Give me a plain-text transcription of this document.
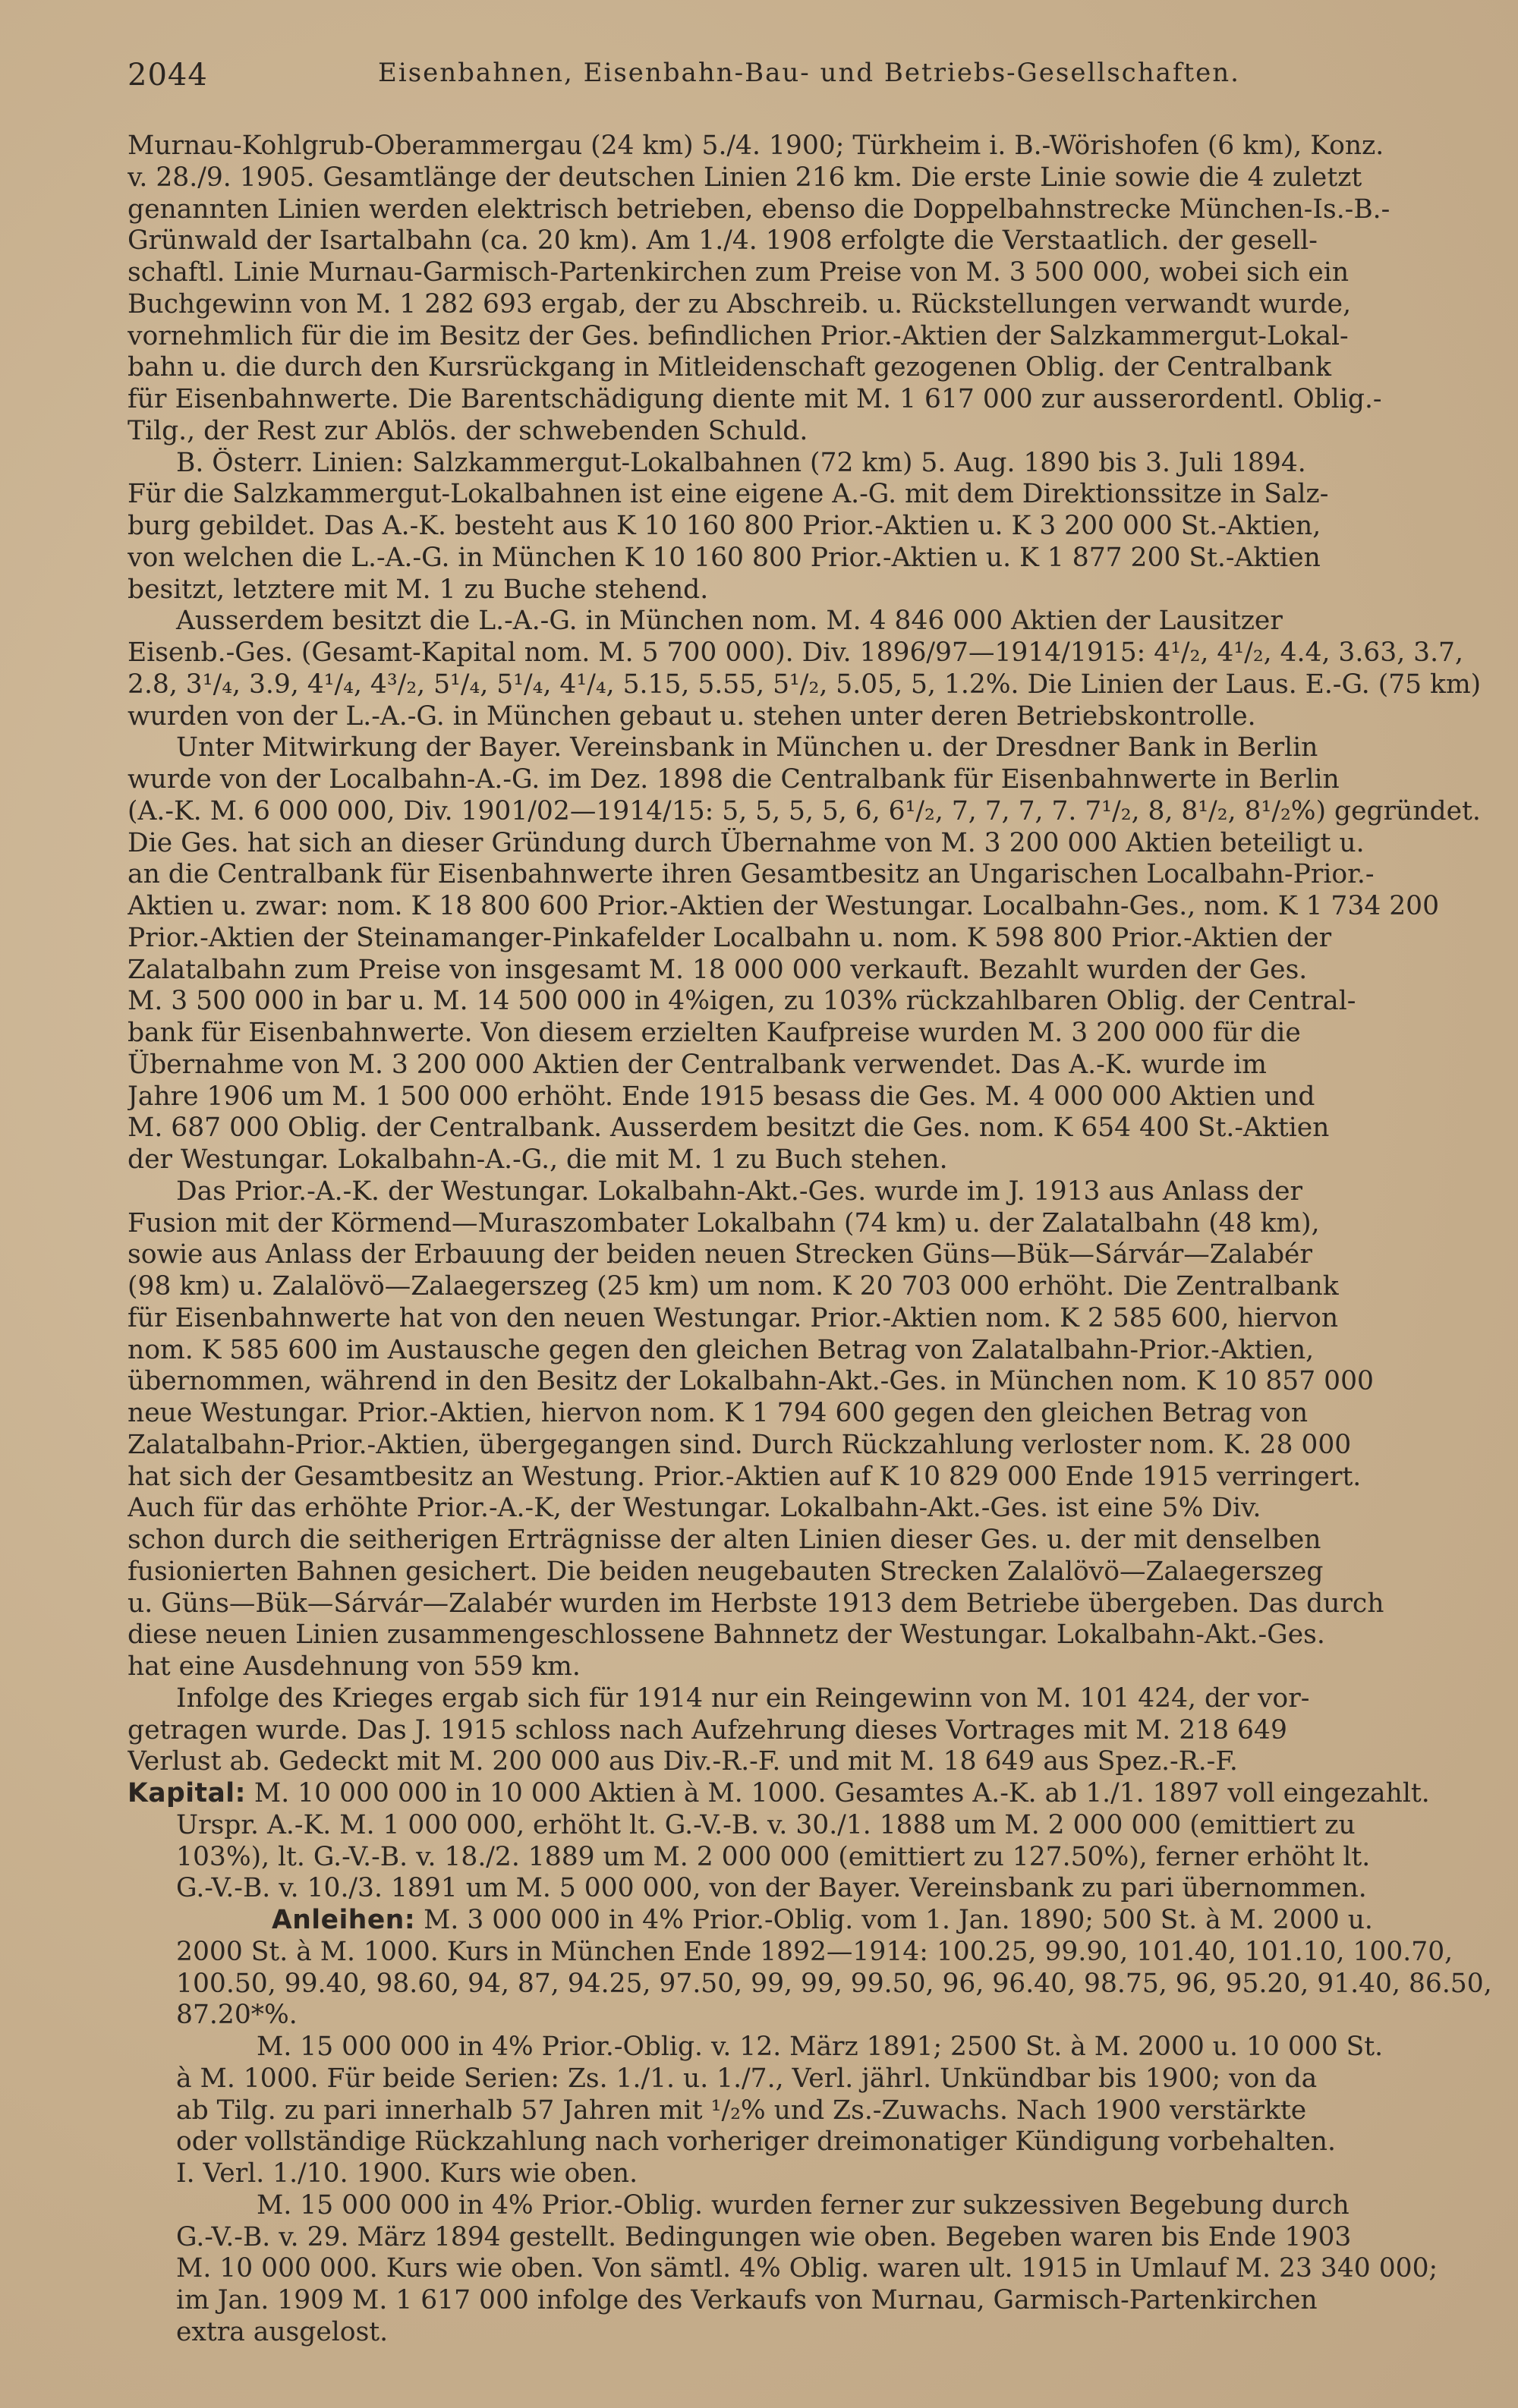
2044	Eisenbahnen, Eisenbahn-Bau- und Betriebs-Gesellschaften.
Murnau-Kohlgrub-Oberammergau (24 km) 5./4. 1900; Türkheim i. B.-Wörishofen (6 km), Konz.
v. 28./9. 1905. Gesamtlänge der deutschen Linien 216 km. Die erste Linie sowie die 4 zuletzt
genannten Linien werden elektrisch betrieben, ebenso die Doppelbahnstrecke München-Is.-B.-
Grünwald der Isartalbahn (ca. 20 km). Am 1./4. 1908 erfolgte die Verstaatlich. der gesell-
schaftl. Linie Murnau-Garmisch-Partenkirchen zum Preise von M. 3 500 000, wobei sich ein
Buchgewinn von M. 1 282 693 ergab, der zu Abschreib. u. Rückstellungen verwandt wurde,
vornehmlich für die im Besitz der Ges. befindlichen Prior.-Aktien der Salzkammergut-Lokal-
bahn u. die durch den Kursrückgang in Mitleidenschaft gezogenen Oblig. der Centralbank
für Eisenbahnwerte. Die Barentschädigung diente mit M. 1 617 000 zur ausserordentl. Oblig.-
Tilg., der Rest zur Ablös. der schwebenden Schuld.
B. Österr. Linien: Salzkammergut-Lokalbahnen (72 km) 5. Aug. 1890 bis 3. Juli 1894.
Für die Salzkammergut-Lokalbahnen ist eine eigene A.-G. mit dem Direktionssitze in Salz-
burg gebildet. Das A.-K. besteht aus K 10 160 800 Prior.-Aktien u. K 3 200 000 St.-Aktien,
von welchen die L.-A.-G. in München K 10 160 800 Prior.-Aktien u. K 1 877 200 St.-Aktien
besitzt, letztere mit M. 1 zu Buche stehend.
Ausserdem besitzt die L.-A.-G. in München nom. M. 4 846 000 Aktien der Lausitzer
Eisenb.-Ges. (Gesamt-Kapital nom. M. 5 700 000). Div. 1896/97—1914/1915: 4¹/₂, 4¹/₂, 4.4, 3.63, 3.7,
2.8, 3¹/₄, 3.9, 4¹/₄, 4³/₂, 5¹/₄, 5¹/₄, 4¹/₄, 5.15, 5.55, 5¹/₂, 5.05, 5, 1.2%. Die Linien der Laus. E.-G. (75 km)
wurden von der L.-A.-G. in München gebaut u. stehen unter deren Betriebskontrolle.
Unter Mitwirkung der Bayer. Vereinsbank in München u. der Dresdner Bank in Berlin
wurde von der Localbahn-A.-G. im Dez. 1898 die Centralbank für Eisenbahnwerte in Berlin
(A.-K. M. 6 000 000, Div. 1901/02—1914/15: 5, 5, 5, 5, 6, 6¹/₂, 7, 7, 7, 7. 7¹/₂, 8, 8¹/₂, 8¹/₂%) gegründet.
Die Ges. hat sich an dieser Gründung durch Übernahme von M. 3 200 000 Aktien beteiligt u.
an die Centralbank für Eisenbahnwerte ihren Gesamtbesitz an Ungarischen Localbahn-Prior.-
Aktien u. zwar: nom. K 18 800 600 Prior.-Aktien der Westungar. Localbahn-Ges., nom. K 1 734 200
Prior.-Aktien der Steinamanger-Pinkafelder Localbahn u. nom. K 598 800 Prior.-Aktien der
Zalatalbahn zum Preise von insgesamt M. 18 000 000 verkauft. Bezahlt wurden der Ges.
M. 3 500 000 in bar u. M. 14 500 000 in 4%igen, zu 103% rückzahlbaren Oblig. der Central-
bank für Eisenbahnwerte. Von diesem erzielten Kaufpreise wurden M. 3 200 000 für die
Übernahme von M. 3 200 000 Aktien der Centralbank verwendet. Das A.-K. wurde im
Jahre 1906 um M. 1 500 000 erhöht. Ende 1915 besass die Ges. M. 4 000 000 Aktien und
M. 687 000 Oblig. der Centralbank. Ausserdem besitzt die Ges. nom. K 654 400 St.-Aktien
der Westungar. Lokalbahn-A.-G., die mit M. 1 zu Buch stehen.
Das Prior.-A.-K. der Westungar. Lokalbahn-Akt.-Ges. wurde im J. 1913 aus Anlass der
Fusion mit der Körmend—Muraszombater Lokalbahn (74 km) u. der Zalatalbahn (48 km),
sowie aus Anlass der Erbauung der beiden neuen Strecken Güns—Bük—Sárvár—Zalabér
(98 km) u. Zalalövö—Zalaegerszeg (25 km) um nom. K 20 703 000 erhöht. Die Zentralbank
für Eisenbahnwerte hat von den neuen Westungar. Prior.-Aktien nom. K 2 585 600, hiervon
nom. K 585 600 im Austausche gegen den gleichen Betrag von Zalatalbahn-Prior.-Aktien,
übernommen, während in den Besitz der Lokalbahn-Akt.-Ges. in München nom. K 10 857 000
neue Westungar. Prior.-Aktien, hiervon nom. K 1 794 600 gegen den gleichen Betrag von
Zalatalbahn-Prior.-Aktien, übergegangen sind. Durch Rückzahlung verloster nom. K. 28 000
hat sich der Gesamtbesitz an Westung. Prior.-Aktien auf K 10 829 000 Ende 1915 verringert.
Auch für das erhöhte Prior.-A.-K, der Westungar. Lokalbahn-Akt.-Ges. ist eine 5% Div.
schon durch die seitherigen Erträgnisse der alten Linien dieser Ges. u. der mit denselben
fusionierten Bahnen gesichert. Die beiden neugebauten Strecken Zalalövö—Zalaegerszeg
u. Güns—Bük—Sárvár—Zalabér wurden im Herbste 1913 dem Betriebe übergeben. Das durch
diese neuen Linien zusammengeschlossene Bahnnetz der Westungar. Lokalbahn-Akt.-Ges.
hat eine Ausdehnung von 559 km.
Infolge des Krieges ergab sich für 1914 nur ein Reingewinn von M. 101 424, der vor-
getragen wurde. Das J. 1915 schloss nach Aufzehrung dieses Vortrages mit M. 218 649
Verlust ab. Gedeckt mit M. 200 000 aus Div.-R.-F. und mit M. 18 649 aus Spez.-R.-F.
Kapital: M. 10 000 000 in 10 000 Aktien à M. 1000. Gesamtes A.-K. ab 1./1. 1897 voll eingezahlt.
Urspr. A.-K. M. 1 000 000, erhöht lt. G.-V.-B. v. 30./1. 1888 um M. 2 000 000 (emittiert zu
103%), lt. G.-V.-B. v. 18./2. 1889 um M. 2 000 000 (emittiert zu 127.50%), ferner erhöht lt.
G.-V.-B. v. 10./3. 1891 um M. 5 000 000, von der Bayer. Vereinsbank zu pari übernommen.
Anleihen: M. 3 000 000 in 4% Prior.-Oblig. vom 1. Jan. 1890; 500 St. à M. 2000 u.
2000 St. à M. 1000. Kurs in München Ende 1892—1914: 100.25, 99.90, 101.40, 101.10, 100.70,
100.50, 99.40, 98.60, 94, 87, 94.25, 97.50, 99, 99, 99.50, 96, 96.40, 98.75, 96, 95.20, 91.40, 86.50,
87.20*%.
M. 15 000 000 in 4% Prior.-Oblig. v. 12. März 1891; 2500 St. à M. 2000 u. 10 000 St.
à M. 1000. Für beide Serien: Zs. 1./1. u. 1./7., Verl. jährl. Unkündbar bis 1900; von da
ab Tilg. zu pari innerhalb 57 Jahren mit ¹/₂% und Zs.-Zuwachs. Nach 1900 verstärkte
oder vollständige Rückzahlung nach vorheriger dreimonatiger Kündigung vorbehalten.
I. Verl. 1./10. 1900. Kurs wie oben.
M. 15 000 000 in 4% Prior.-Oblig. wurden ferner zur sukzessiven Begebung durch
G.-V.-B. v. 29. März 1894 gestellt. Bedingungen wie oben. Begeben waren bis Ende 1903
M. 10 000 000. Kurs wie oben. Von sämtl. 4% Oblig. waren ult. 1915 in Umlauf M. 23 340 000;
im Jan. 1909 M. 1 617 000 infolge des Verkaufs von Murnau, Garmisch-Partenkirchen
extra ausgelost.
